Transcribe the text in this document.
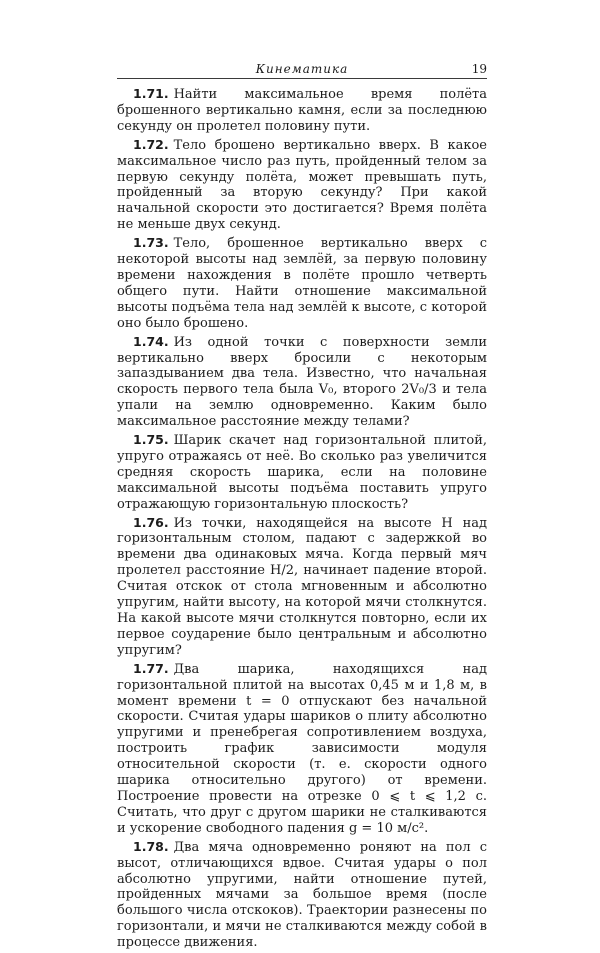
Кинематика	19

1.71. Найти максимальное время полёта брошенного вертикально камня, если за последнюю секунду он пролетел половину пути.

1.72. Тело брошено вертикально вверх. В какое максимальное число раз путь, пройденный телом за первую секунду полёта, может превышать путь, пройденный за вторую секунду? При какой начальной скорости это достигается? Время полёта не меньше двух секунд.

1.73. Тело, брошенное вертикально вверх с некоторой высоты над землёй, за первую половину времени нахождения в полёте прошло четверть общего пути. Найти отношение максимальной высоты подъёма тела над землёй к высоте, с которой оно было брошено.

1.74. Из одной точки с поверхности земли вертикально вверх бросили с некоторым запаздыванием два тела. Известно, что начальная скорость первого тела была V₀, второго 2V₀/3 и тела упали на землю одновременно. Каким было максимальное расстояние между телами?

1.75. Шарик скачет над горизонтальной плитой, упруго отражаясь от неё. Во сколько раз увеличится средняя скорость шарика, если на половине максимальной высоты подъёма поставить упруго отражающую горизонтальную плоскость?

1.76. Из точки, находящейся на высоте H над горизонтальным столом, падают с задержкой во времени два одинаковых мяча. Когда первый мяч пролетел расстояние H/2, начинает падение второй. Считая отскок от стола мгновенным и абсолютно упругим, найти высоту, на которой мячи столкнутся. На какой высоте мячи столкнутся повторно, если их первое соударение было центральным и абсолютно упругим?

1.77. Два шарика, находящихся над горизонтальной плитой на высотах 0,45 м и 1,8 м, в момент времени t = 0 отпускают без начальной скорости. Считая удары шариков о плиту абсолютно упругими и пренебрегая сопротивлением воздуха, построить график зависимости модуля относительной скорости (т. е. скорости одного шарика относительно другого) от времени. Построение провести на отрезке 0 ⩽ t ⩽ 1,2 с. Считать, что друг с другом шарики не сталкиваются и ускорение свободного падения g = 10 м/с².

1.78. Два мяча одновременно роняют на пол с высот, отличающихся вдвое. Считая удары о пол абсолютно упругими, найти отношение путей, пройденных мячами за большое время (после большого числа отскоков). Траектории разнесены по горизонтали, и мячи не сталкиваются между собой в процессе движения.
